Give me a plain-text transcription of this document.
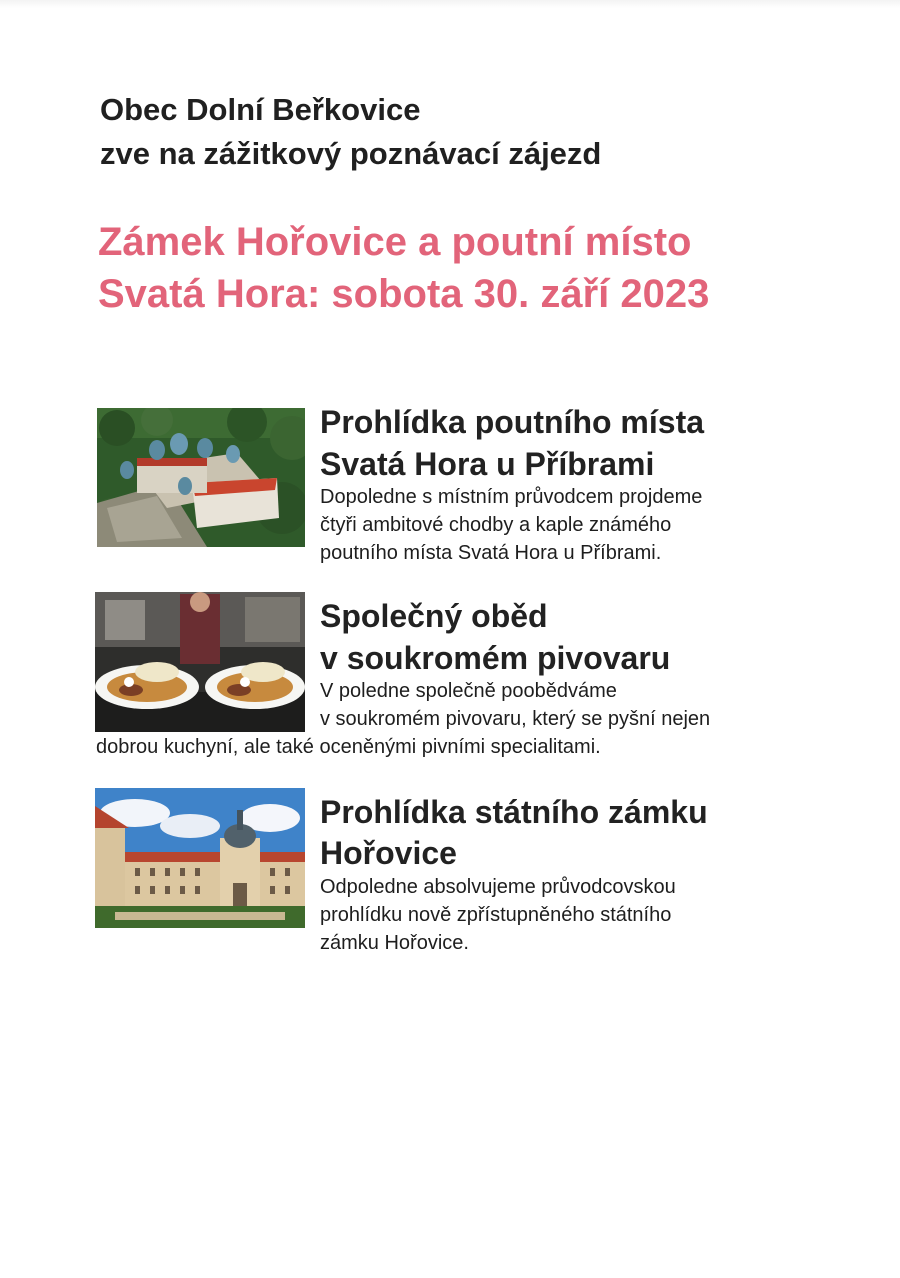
Obec Dolní Beřkovice
zve na zážitkový poznávací zájezd
Zámek Hořovice a poutní místo
Svatá Hora: sobota 30. září 2023
Prohlídka poutního místa
Svatá Hora u Příbrami
Dopoledne s místním průvodcem projdeme
čtyři ambitové chodby a kaple známého
poutního místa Svatá Hora u Příbrami.
Společný oběd
v soukromém pivovaru
V poledne společně poobědváme
v soukromém pivovaru, který se pyšní nejen
dobrou kuchyní, ale také oceněnými pivními specialitami.
Prohlídka státního zámku
Hořovice
Odpoledne absolvujeme průvodcovskou
prohlídku nově zpřístupněného státního
zámku Hořovice.
